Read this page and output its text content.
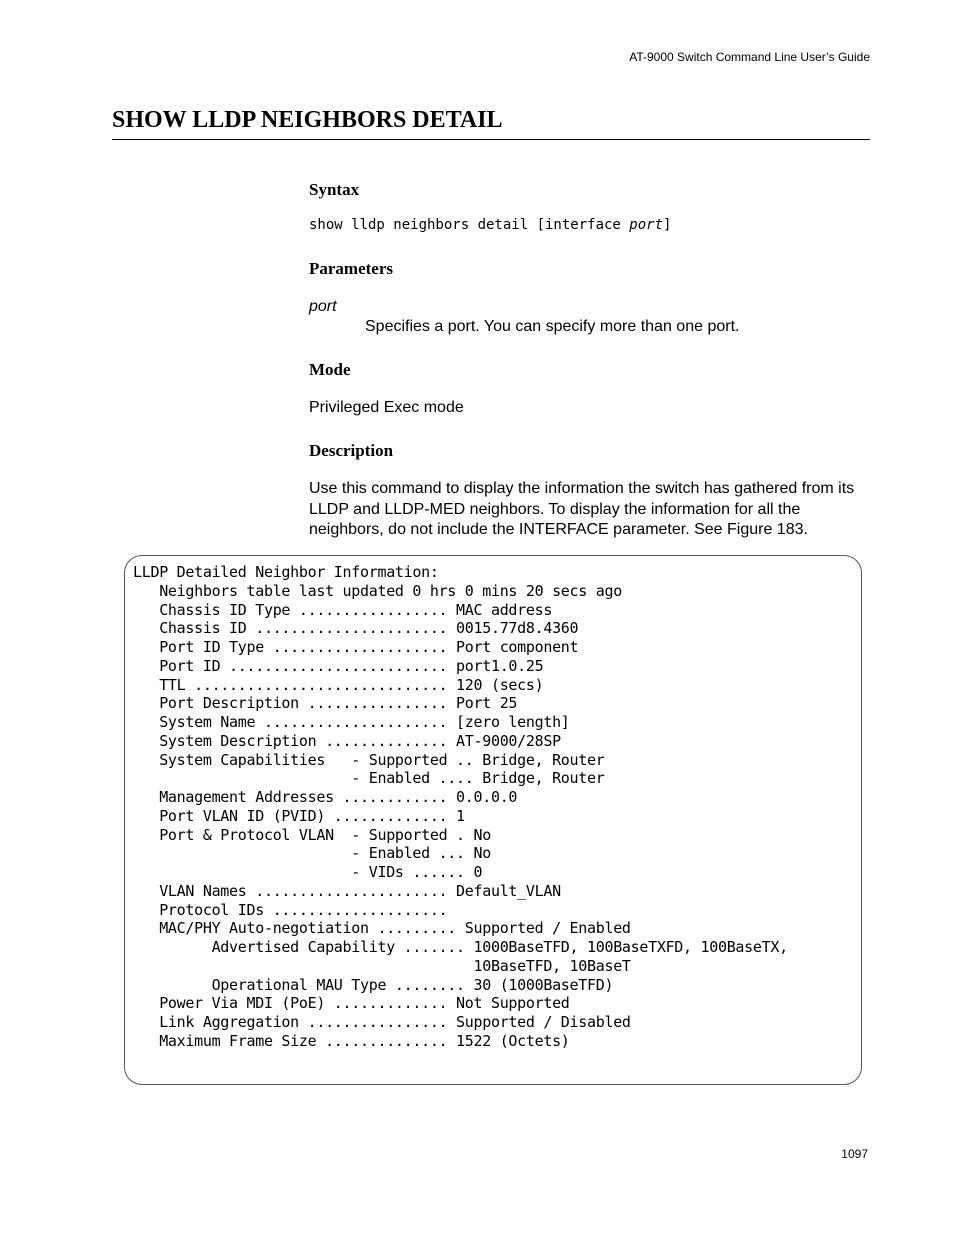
AT-9000 Switch Command Line User’s Guide
SHOW LLDP NEIGHBORS DETAIL
Syntax
show lldp neighbors detail [interface port]
Parameters
port
Specifies a port. You can specify more than one port.
Mode
Privileged Exec mode
Description
Use this command to display the information the switch has gathered from its LLDP and LLDP-MED neighbors. To display the information for all the neighbors, do not include the INTERFACE parameter. See Figure 183.
LLDP Detailed Neighbor Information:
Neighbors table last updated 0 hrs 0 mins 20 secs ago
Chassis ID Type ................. MAC address
Chassis ID ...................... 0015.77d8.4360
Port ID Type .................... Port component
Port ID ......................... port1.0.25
TTL ............................. 120 (secs)
Port Description ................ Port 25
System Name ..................... [zero length]
System Description .............. AT-9000/28SP
System Capabilities   - Supported .. Bridge, Router
- Enabled .... Bridge, Router
Management Addresses ............ 0.0.0.0
Port VLAN ID (PVID) ............. 1
Port & Protocol VLAN  - Supported . No
- Enabled ... No
- VIDs ...... 0
VLAN Names ...................... Default_VLAN
Protocol IDs ....................
MAC/PHY Auto-negotiation ......... Supported / Enabled
Advertised Capability ....... 1000BaseTFD, 100BaseTXFD, 100BaseTX,
10BaseTFD, 10BaseT
Operational MAU Type ........ 30 (1000BaseTFD)
Power Via MDI (PoE) ............. Not Supported
Link Aggregation ................ Supported / Disabled
Maximum Frame Size .............. 1522 (Octets)

1097
